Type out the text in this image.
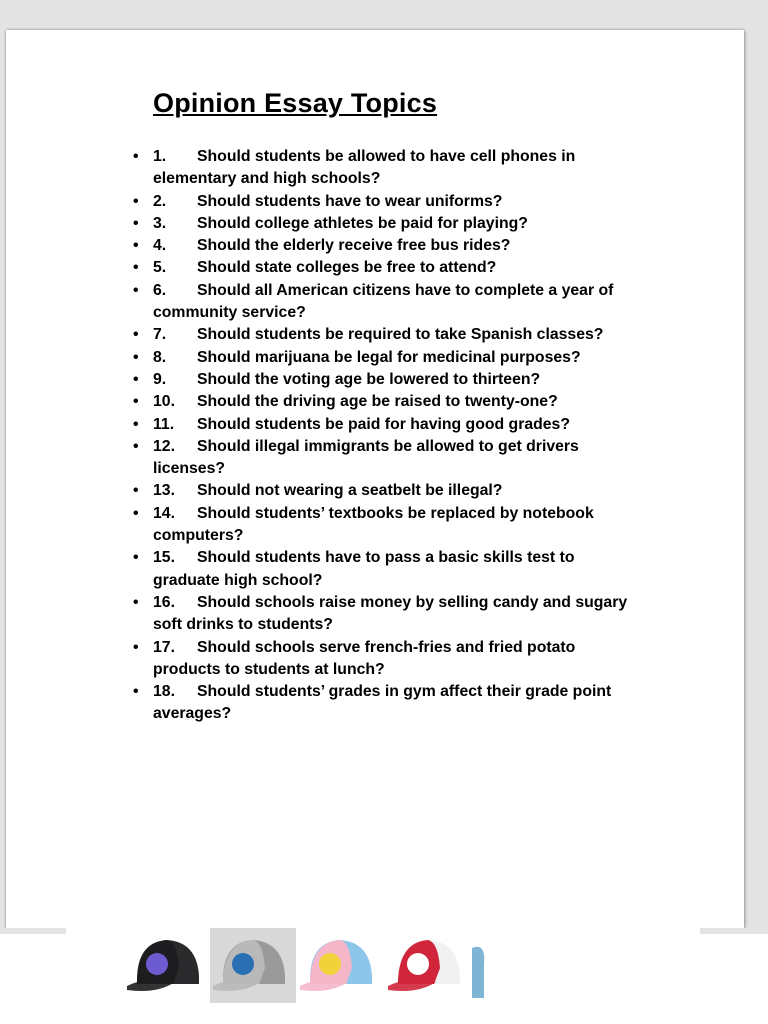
Opinion Essay Topics
• 1. Should students be allowed to have cell phones in elementary and high schools?
• 2. Should students have to wear uniforms?
• 3. Should college athletes be paid for playing?
• 4. Should the elderly receive free bus rides?
• 5. Should state colleges be free to attend?
• 6. Should all American citizens have to complete a year of community service?
• 7. Should students be required to take Spanish classes?
• 8. Should marijuana be legal for medicinal purposes?
• 9. Should the voting age be lowered to thirteen?
• 10. Should the driving age be raised to twenty-one?
• 11. Should students be paid for having good grades?
• 12. Should illegal immigrants be allowed to get drivers licenses?
• 13. Should not wearing a seatbelt be illegal?
• 14. Should students’ textbooks be replaced by notebook computers?
• 15. Should students have to pass a basic skills test to graduate high school?
• 16. Should schools raise money by selling candy and sugary soft drinks to students?
• 17. Should schools serve french-fries and fried potato products to students at lunch?
• 18. Should students’ grades in gym affect their grade point averages?
